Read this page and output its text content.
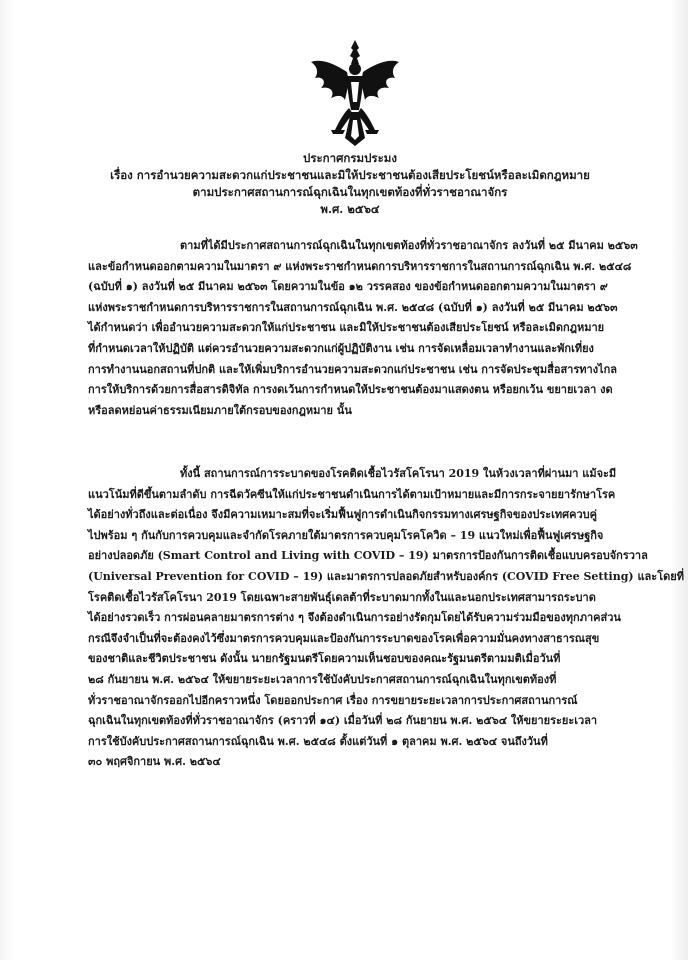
ประกาศกรมประมง
เรื่อง การอำนวยความสะดวกแก่ประชาชนและมิให้ประชาชนต้องเสียประโยชน์หรือละเมิดกฎหมาย
ตามประกาศสถานการณ์ฉุกเฉินในทุกเขตท้องที่ทั่วราชอาณาจักร
พ.ศ. ๒๕๖๔
ตามที่ได้มีประกาศสถานการณ์ฉุกเฉินในทุกเขตท้องที่ทั่วราชอาณาจักร ลงวันที่ ๒๕ มีนาคม ๒๕๖๓
และข้อกำหนดออกตามความในมาตรา ๙ แห่งพระราชกำหนดการบริหารราชการในสถานการณ์ฉุกเฉิน พ.ศ. ๒๕๔๘
(ฉบับที่ ๑) ลงวันที่ ๒๕ มีนาคม ๒๕๖๓ โดยความในข้อ ๑๒ วรรคสอง ของข้อกำหนดออกตามความในมาตรา ๙
แห่งพระราชกำหนดการบริหารราชการในสถานการณ์ฉุกเฉิน พ.ศ. ๒๕๔๘ (ฉบับที่ ๑) ลงวันที่ ๒๕ มีนาคม ๒๕๖๓
ได้กำหนดว่า เพื่ออำนวยความสะดวกให้แก่ประชาชน และมิให้ประชาชนต้องเสียประโยชน์ หรือละเมิดกฎหมาย
ที่กำหนดเวลาให้ปฏิบัติ แต่ควรอำนวยความสะดวกแก่ผู้ปฏิบัติงาน เช่น การจัดเหลื่อมเวลาทำงานและพักเที่ยง
การทำงานนอกสถานที่ปกติ และให้เพิ่มบริการอำนวยความสะดวกแก่ประชาชน เช่น การจัดประชุมสื่อสารทางไกล
การให้บริการด้วยการสื่อสารดิจิทัล การงดเว้นการกำหนดให้ประชาชนต้องมาแสดงตน หรือยกเว้น ขยายเวลา งด
หรือลดหย่อนค่าธรรมเนียมภายใต้กรอบของกฎหมาย นั้น
ทั้งนี้ สถานการณ์การระบาดของโรคติดเชื้อไวรัสโคโรนา 2019 ในห้วงเวลาที่ผ่านมา แม้จะมี
แนวโน้มที่ดีขึ้นตามลำดับ การฉีดวัคซีนให้แก่ประชาชนดำเนินการได้ตามเป้าหมายและมีการกระจายยารักษาโรค
ได้อย่างทั่วถึงและต่อเนื่อง จึงมีความเหมาะสมที่จะเริ่มฟื้นฟูการดำเนินกิจกรรมทางเศรษฐกิจของประเทศควบคู่
ไปพร้อม ๆ กันกับการควบคุมและจำกัดโรคภายใต้มาตรการควบคุมโรคโควิด – 19 แนวใหม่เพื่อฟื้นฟูเศรษฐกิจ
อย่างปลอดภัย (Smart Control and Living with COVID – 19) มาตรการป้องกันการติดเชื้อแบบครอบจักรวาล
(Universal Prevention for COVID – 19) และมาตรการปลอดภัยสำหรับองค์กร (COVID Free Setting) และโดยที่
โรคติดเชื้อไวรัสโคโรนา 2019 โดยเฉพาะสายพันธุ์เดลต้าที่ระบาดมากทั้งในและนอกประเทศสามารถระบาด
ได้อย่างรวดเร็ว การผ่อนคลายมาตรการต่าง ๆ จึงต้องดำเนินการอย่างรัดกุมโดยได้รับความร่วมมือของทุกภาคส่วน
กรณีจึงจำเป็นที่จะต้องคงไว้ซึ่งมาตรการควบคุมและป้องกันการระบาดของโรคเพื่อความมั่นคงทางสาธารณสุข
ของชาติและชีวิตประชาชน ดังนั้น นายกรัฐมนตรีโดยความเห็นชอบของคณะรัฐมนตรีตามมติเมื่อวันที่
๒๘ กันยายน พ.ศ. ๒๕๖๔ ให้ขยายระยะเวลาการใช้บังคับประกาศสถานการณ์ฉุกเฉินในทุกเขตท้องที่
ทั่วราชอาณาจักรออกไปอีกคราวหนึ่ง โดยออกประกาศ เรื่อง การขยายระยะเวลาการประกาศสถานการณ์
ฉุกเฉินในทุกเขตท้องที่ทั่วราชอาณาจักร (คราวที่ ๑๔) เมื่อวันที่ ๒๘ กันยายน พ.ศ. ๒๕๖๔ ให้ขยายระยะเวลา
การใช้บังคับประกาศสถานการณ์ฉุกเฉิน พ.ศ. ๒๕๔๘ ตั้งแต่วันที่ ๑ ตุลาคม พ.ศ. ๒๕๖๔ จนถึงวันที่
๓๐ พฤศจิกายน พ.ศ. ๒๕๖๔
